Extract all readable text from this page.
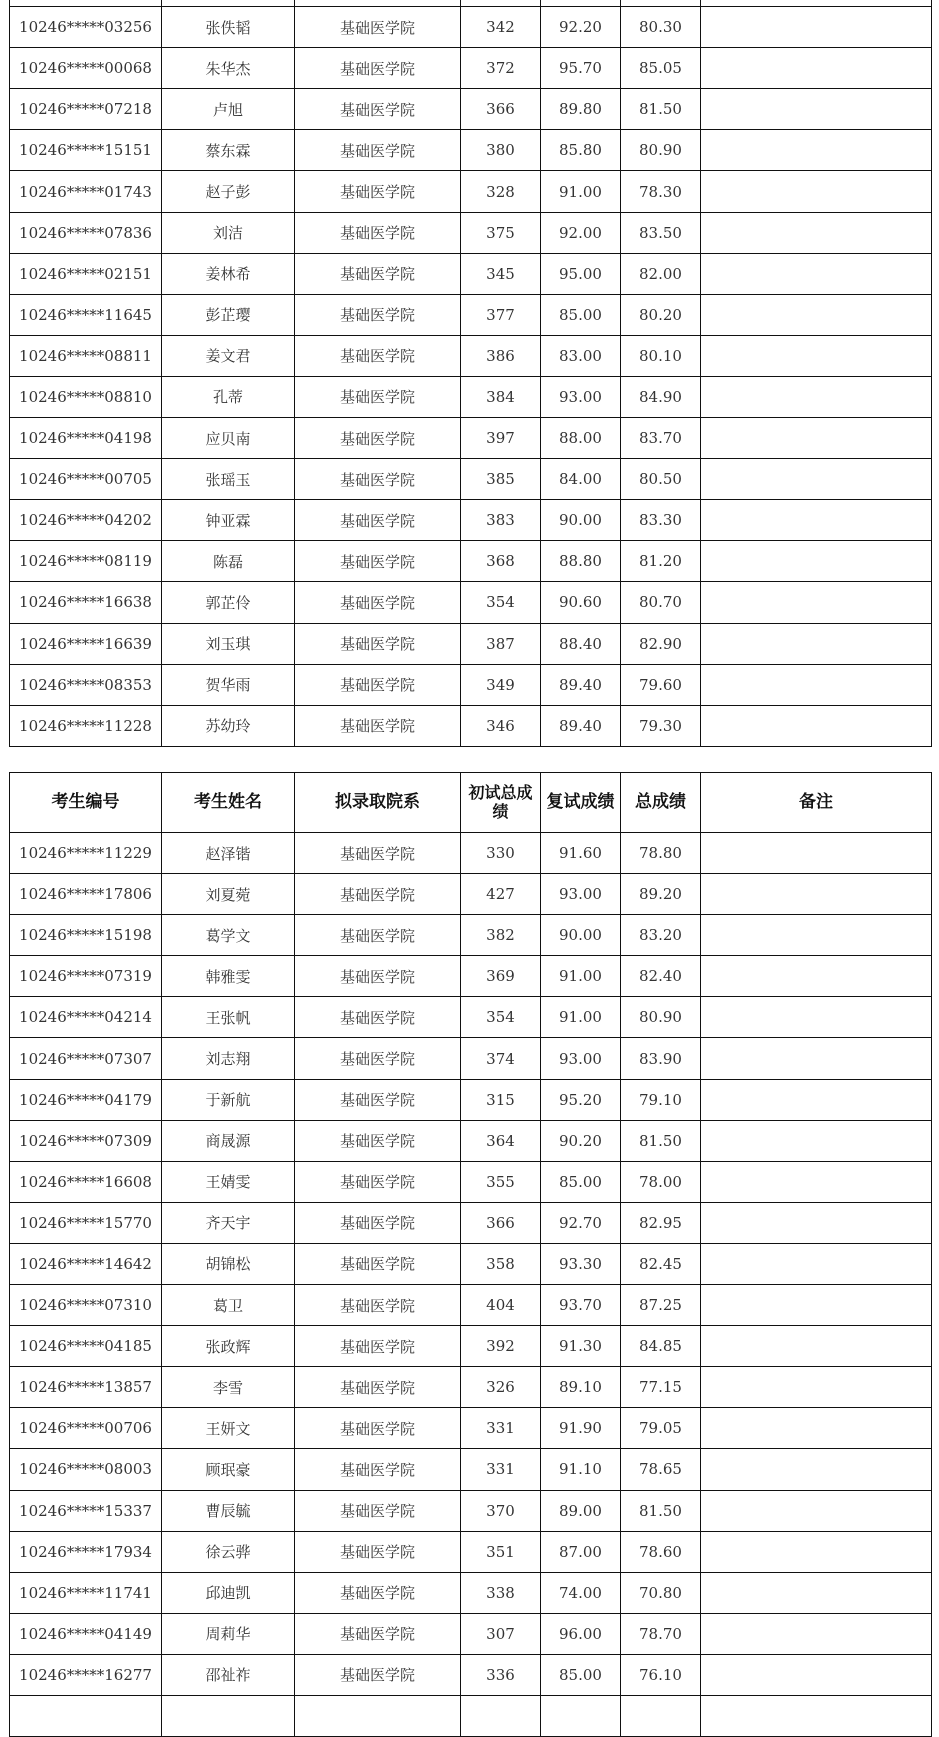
10246*****03256	张佚韬	基础医学院	342	92.20	80.30	
10246*****00068	朱华杰	基础医学院	372	95.70	85.05	
10246*****07218	卢旭	基础医学院	366	89.80	81.50	
10246*****15151	蔡东霖	基础医学院	380	85.80	80.90	
10246*****01743	赵子彭	基础医学院	328	91.00	78.30	
10246*****07836	刘洁	基础医学院	375	92.00	83.50	
10246*****02151	姜林希	基础医学院	345	95.00	82.00	
10246*****11645	彭芷璎	基础医学院	377	85.00	80.20	
10246*****08811	姜文君	基础医学院	386	83.00	80.10	
10246*****08810	孔蒂	基础医学院	384	93.00	84.90	
10246*****04198	应贝南	基础医学院	397	88.00	83.70	
10246*****00705	张瑶玉	基础医学院	385	84.00	80.50	
10246*****04202	钟亚霖	基础医学院	383	90.00	83.30	
10246*****08119	陈磊	基础医学院	368	88.80	81.20	
10246*****16638	郭芷伶	基础医学院	354	90.60	80.70	
10246*****16639	刘玉琪	基础医学院	387	88.40	82.90	
10246*****08353	贺华雨	基础医学院	349	89.40	79.60	
10246*****11228	苏幼玲	基础医学院	346	89.40	79.30	
考生编号	考生姓名	拟录取院系	初试总成绩	复试成绩	总成绩	备注
10246*****11229	赵泽锴	基础医学院	330	91.60	78.80	
10246*****17806	刘夏菀	基础医学院	427	93.00	89.20	
10246*****15198	葛学文	基础医学院	382	90.00	83.20	
10246*****07319	韩雅雯	基础医学院	369	91.00	82.40	
10246*****04214	王张帆	基础医学院	354	91.00	80.90	
10246*****07307	刘志翔	基础医学院	374	93.00	83.90	
10246*****04179	于新航	基础医学院	315	95.20	79.10	
10246*****07309	商晟源	基础医学院	364	90.20	81.50	
10246*****16608	王婧雯	基础医学院	355	85.00	78.00	
10246*****15770	齐天宇	基础医学院	366	92.70	82.95	
10246*****14642	胡锦松	基础医学院	358	93.30	82.45	
10246*****07310	葛卫	基础医学院	404	93.70	87.25	
10246*****04185	张政辉	基础医学院	392	91.30	84.85	
10246*****13857	李雪	基础医学院	326	89.10	77.15	
10246*****00706	王妍文	基础医学院	331	91.90	79.05	
10246*****08003	顾珉豪	基础医学院	331	91.10	78.65	
10246*****15337	曹辰毓	基础医学院	370	89.00	81.50	
10246*****17934	徐云骅	基础医学院	351	87.00	78.60	
10246*****11741	邱迪凯	基础医学院	338	74.00	70.80	
10246*****04149	周莉华	基础医学院	307	96.00	78.70	
10246*****16277	邵祉祚	基础医学院	336	85.00	76.10	
